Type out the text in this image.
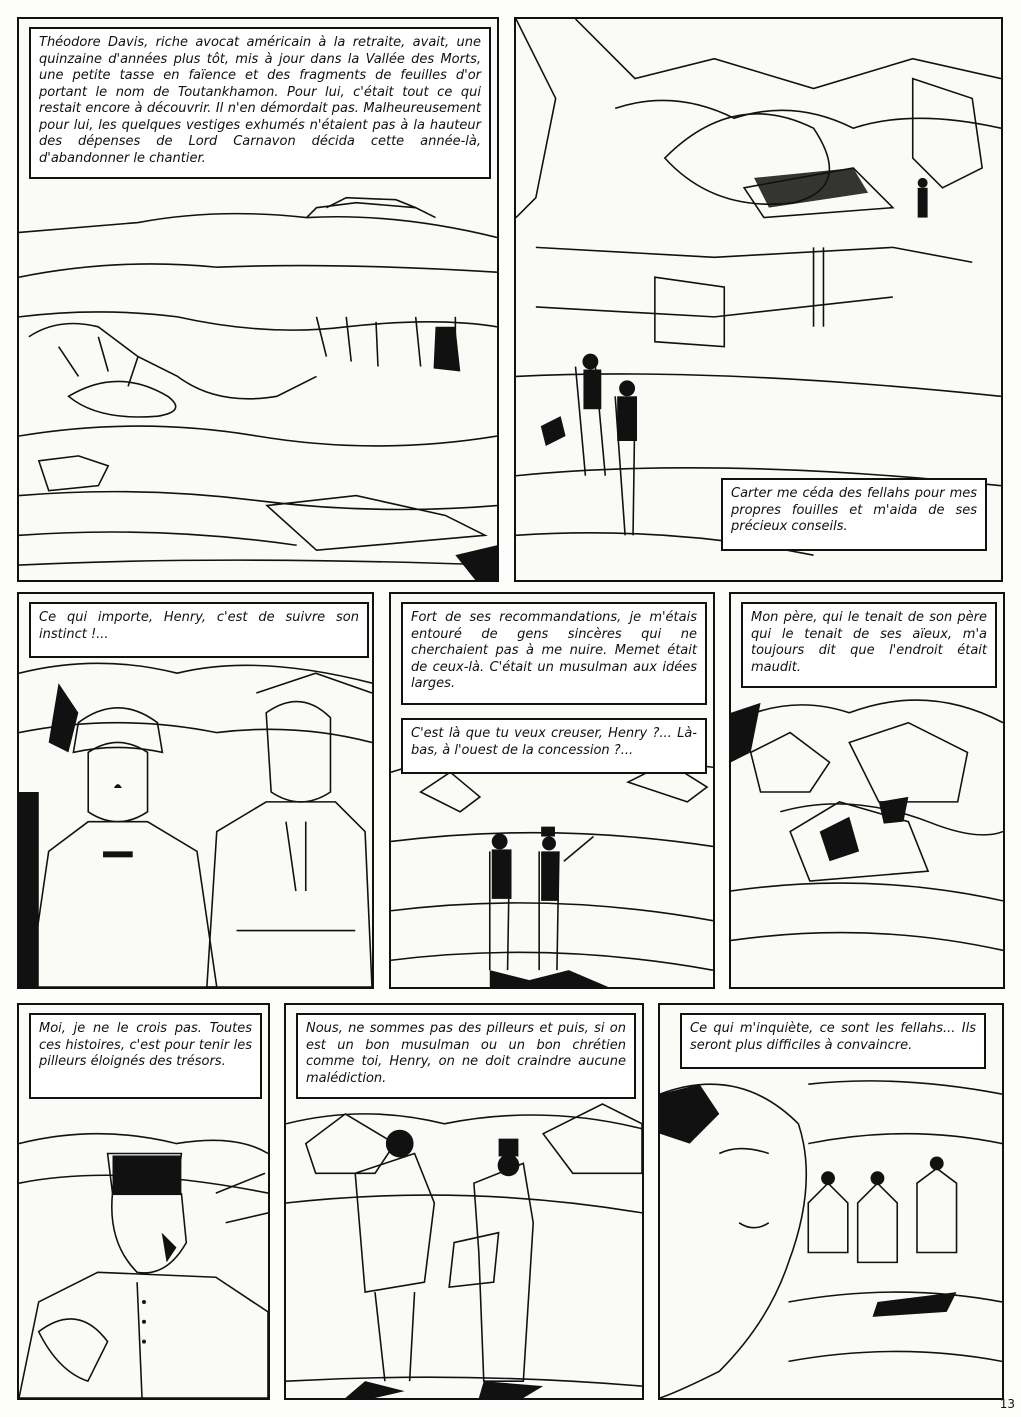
Théodore Davis, riche avocat américain à la retraite, avait, une quinzaine d'années plus tôt, mis à jour dans la Vallée des Morts, une petite tasse en faïence et des fragments de feuilles d'or portant le nom de Toutankhamon. Pour lui, c'était tout ce qui restait encore à découvrir. Il n'en démordait pas. Malheureusement pour lui, les quelques vestiges exhumés n'étaient pas à la hauteur des dépenses de Lord Carnavon décida cette année-là, d'abandonner le chantier.
Carter me céda des fellahs pour mes propres fouilles et m'aida de ses précieux conseils.
Ce qui importe, Henry, c'est de suivre son instinct !...
Fort de ses recommandations, je m'étais entouré de gens sincères qui ne cherchaient pas à me nuire. Memet était de ceux-là. C'était un musulman aux idées larges.
C'est là que tu veux creuser, Henry ?... Là-bas, à l'ouest de la concession ?...
Mon père, qui le tenait de son père qui le tenait de ses aïeux, m'a toujours dit que l'endroit était maudit.
Moi, je ne le crois pas. Toutes ces histoires, c'est pour tenir les pilleurs éloignés des trésors.
Nous, ne sommes pas des pilleurs et puis, si on est un bon musulman ou un bon chrétien comme toi, Henry, on ne doit craindre aucune malédiction.
Ce qui m'inquiète, ce sont les fellahs... Ils seront plus difficiles à convaincre.
13
